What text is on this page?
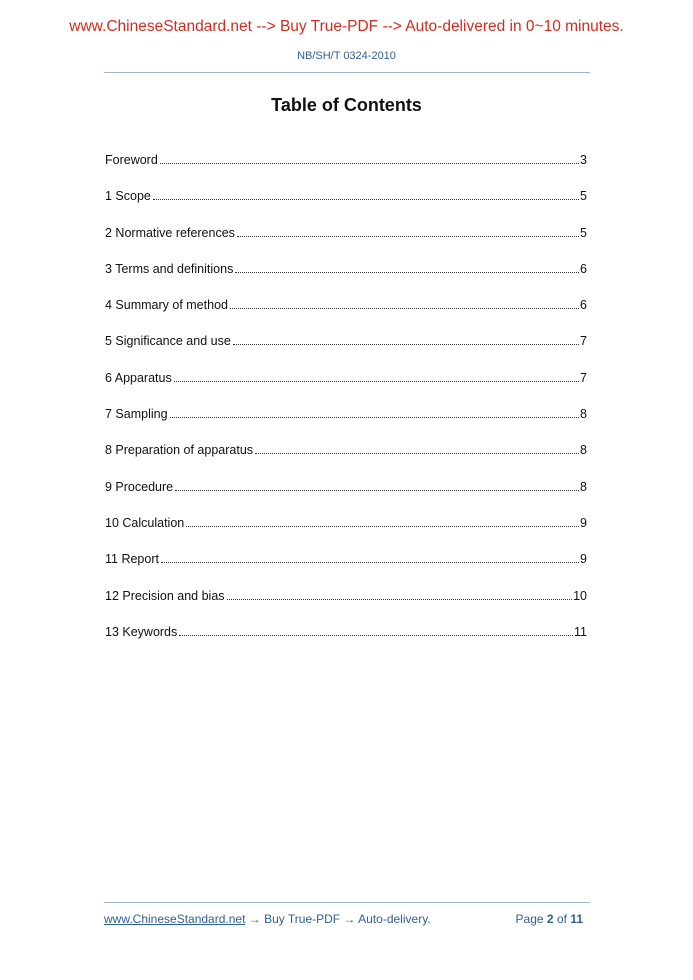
www.ChineseStandard.net --> Buy True-PDF --> Auto-delivered in 0~10 minutes.
NB/SH/T 0324-2010
Table of Contents
Foreword	3
1 Scope	5
2 Normative references	5
3 Terms and definitions	6
4 Summary of method	6
5 Significance and use	7
6 Apparatus	7
7 Sampling	8
8 Preparation of apparatus	8
9 Procedure	8
10 Calculation	9
11 Report	9
12 Precision and bias	10
13 Keywords	11
www.ChineseStandard.net → Buy True-PDF → Auto-delivery.	Page 2 of 11
